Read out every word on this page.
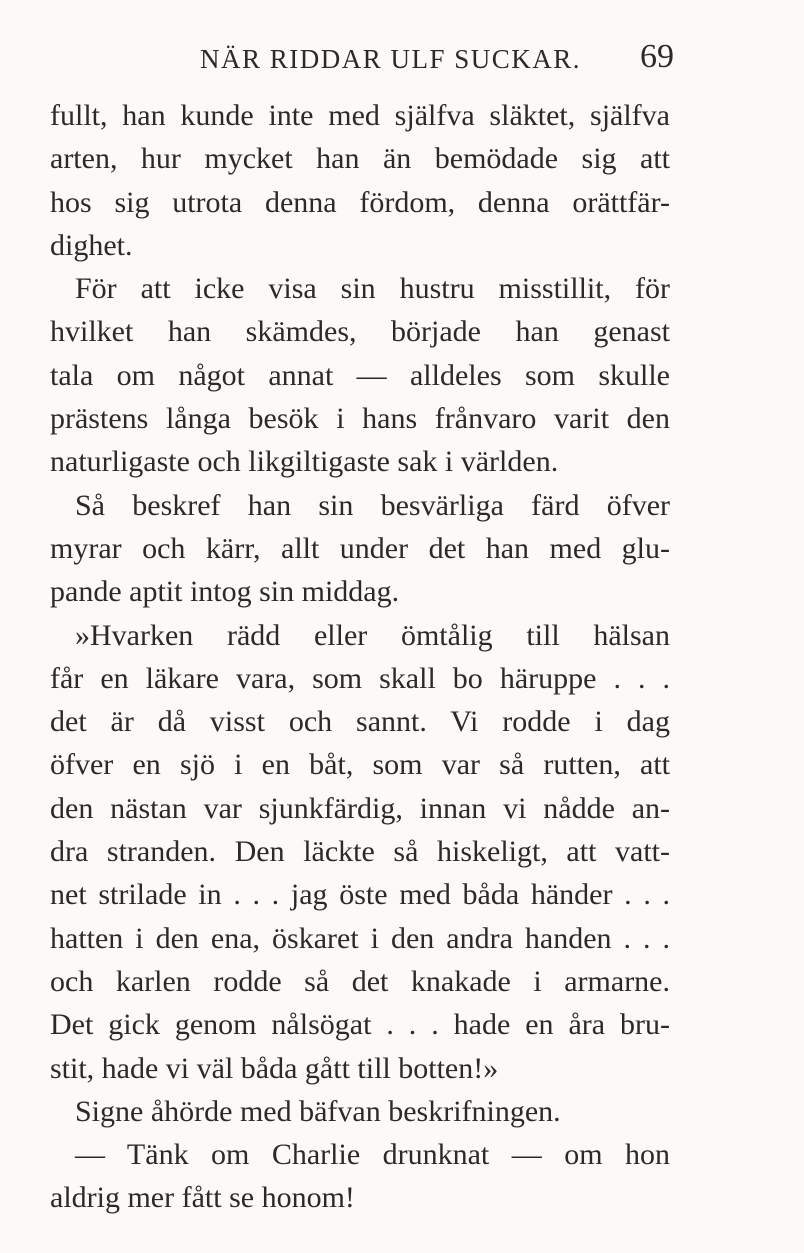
NÄR RIDDAR ULF SUCKAR. 69
fullt, han kunde inte med själfva släktet, själfva
arten, hur mycket han än bemödade sig att
hos sig utrota denna fördom, denna orättfär-
dighet.
För att icke visa sin hustru misstillit, för
hvilket han skämdes, började han genast
tala om något annat — alldeles som skulle
prästens långa besök i hans frånvaro varit den
naturligaste och likgiltigaste sak i världen.
Så beskref han sin besvärliga färd öfver
myrar och kärr, allt under det han med glu-
pande aptit intog sin middag.
»Hvarken rädd eller ömtålig till hälsan
får en läkare vara, som skall bo häruppe . . .
det är då visst och sannt. Vi rodde i dag
öfver en sjö i en båt, som var så rutten, att
den nästan var sjunkfärdig, innan vi nådde an-
dra stranden. Den läckte så hiskeligt, att vatt-
net strilade in . . . jag öste med båda händer . . .
hatten i den ena, öskaret i den andra handen . . .
och karlen rodde så det knakade i armarne.
Det gick genom nålsögat . . . hade en åra bru-
stit, hade vi väl båda gått till botten!»
Signe åhörde med bäfvan beskrifningen.
— Tänk om Charlie drunknat — om hon
aldrig mer fått se honom!
